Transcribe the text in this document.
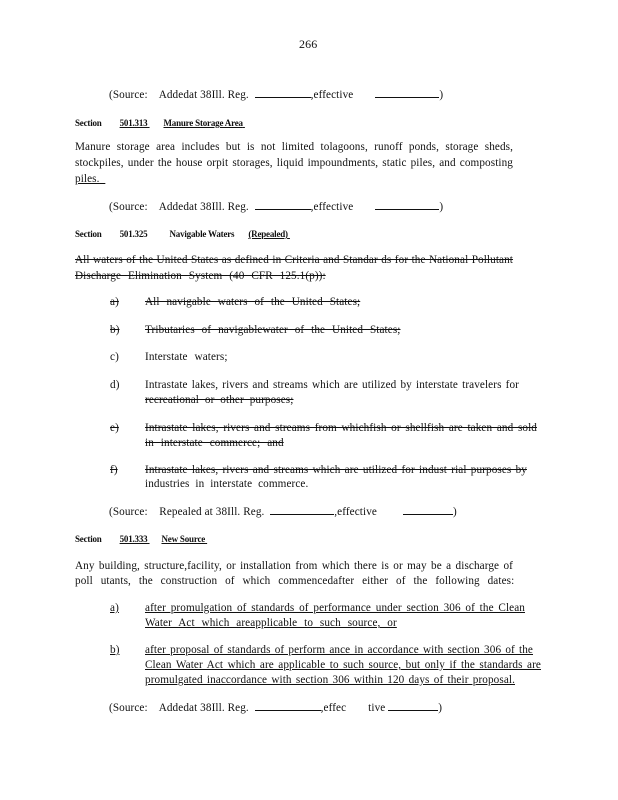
266
(Source: Addedat 38Ill. Reg.	,effective	)
Section 501.313 Manure Storage Area
Manure storage area includes but is not limited tolagoons, runoff ponds, storage sheds,
stockpiles, under the house orpit storages, liquid impoundments, static piles, and composting
piles.
(Source: Addedat 38Ill. Reg.	,effective	)
Section 501.325 Navigable Waters (Repealed)
All waters of the United States as defined in Criteria and Standar ds for the National Pollutant
Discharge Elimination System (40 CFR 125.1(p)):
a) All navigable waters of the United States;
b) Tributaries of navigablewater of the United States;
c) Interstate waters;
d) Intrastate lakes, rivers and streams which are utilized by interstate travelers for
recreational or other purposes;
e) Intrastate lakes, rivers and streams from whichfish or shellfish are taken and sold
in interstate commerce; and
f) Intrastate lakes, rivers and streams which are utilized for indust rial purposes by
industries in interstate commerce.
(Source: Repealed at 38Ill. Reg.	,effective	)
Section 501.333 New Source
Any building, structure,facility, or installation from which there is or may be a discharge of
poll utants, the construction of which commencedafter either of the following dates:
a) after promulgation of standards of performance under section 306 of the Clean
Water Act which areapplicable to such source, or
b) after proposal of standards of perform ance in accordance with section 306 of the
Clean Water Act which are applicable to such source, but only if the standards are
promulgated inaccordance with section 306 within 120 days of their proposal.
(Source: Addedat 38Ill. Reg.	,effec tive	)
